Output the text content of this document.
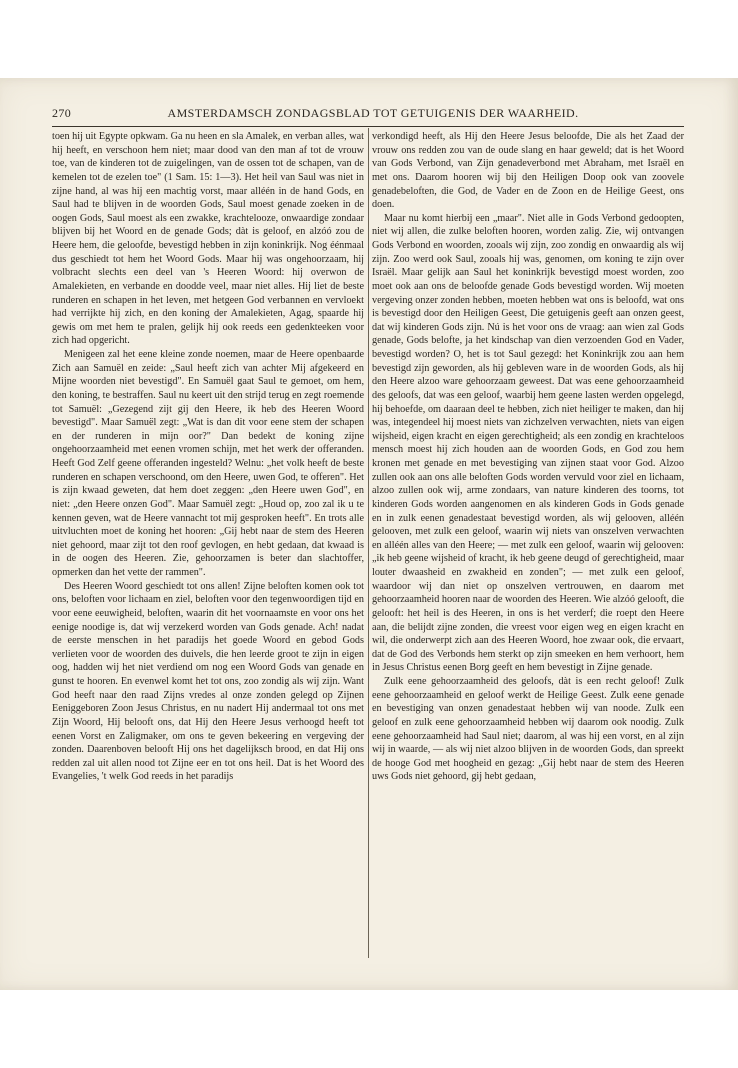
270	AMSTERDAMSCH ZONDAGSBLAD TOT GETUIGENIS DER WAARHEID.

toen hij uit Egypte opkwam. Ga nu heen en sla Amalek, en verban alles, wat hij heeft, en verschoon hem niet; maar dood van den man af tot de vrouw toe, van de kinderen tot de zuigelingen, van de ossen tot de schapen, van de kemelen tot de ezelen toe" (1 Sam. 15: 1—3). Het heil van Saul was niet in zijne hand, al was hij een machtig vorst, maar alléén in de hand Gods, en Saul had te blijven in de woorden Gods, Saul moest genade zoeken in de oogen Gods, Saul moest als een zwakke, krachtelooze, onwaardige zondaar blijven bij het Woord en de genade Gods; dàt is geloof, en alzóó zou de Heere hem, die geloofde, bevestigd hebben in zijn koninkrijk. Nog éénmaal dus geschiedt tot hem het Woord Gods. Maar hij was ongehoorzaam, hij volbracht slechts een deel van 's Heeren Woord: hij overwon de Amalekieten, en verbande en doodde veel, maar niet alles. Hij liet de beste runderen en schapen in het leven, met hetgeen God verbannen en vervloekt had verrijkte hij zich, en den koning der Amalekieten, Agag, spaarde hij gewis om met hem te pralen, gelijk hij ook reeds een gedenkteeken voor zich had opgericht.

Menigeen zal het eene kleine zonde noemen, maar de Heere openbaarde Zich aan Samuël en zeide: „Saul heeft zich van achter Mij afgekeerd en Mijne woorden niet bevestigd". En Samuël gaat Saul te gemoet, om hem, den koning, te bestraffen. Saul nu keert uit den strijd terug en zegt roemende tot Samuël: „Gezegend zijt gij den Heere, ik heb des Heeren Woord bevestigd". Maar Samuël zegt: „Wat is dan dit voor eene stem der schapen en der runderen in mijn oor?" Dan bedekt de koning zijne ongehoorzaamheid met eenen vromen schijn, met het werk der offeranden. Heeft God Zelf geene offeranden ingesteld? Welnu: „het volk heeft de beste runderen en schapen verschoond, om den Heere, uwen God, te offeren". Het is zijn kwaad geweten, dat hem doet zeggen: „den Heere uwen God", en niet: „den Heere onzen God". Maar Samuël zegt: „Houd op, zoo zal ik u te kennen geven, wat de Heere vannacht tot mij gesproken heeft". En trots alle uitvluchten moet de koning het hooren: „Gij hebt naar de stem des Heeren niet gehoord, maar zijt tot den roof gevlogen, en hebt gedaan, dat kwaad is in de oogen des Heeren. Zie, gehoorzamen is beter dan slachtoffer, opmerken dan het vette der rammen".

Des Heeren Woord geschiedt tot ons allen! Zijne beloften komen ook tot ons, beloften voor lichaam en ziel, beloften voor den tegenwoordigen tijd en voor eene eeuwigheid, beloften, waarin dit het voornaamste en voor ons het eenige noodige is, dat wij verzekerd worden van Gods genade. Ach! nadat de eerste menschen in het paradijs het goede Woord en gebod Gods verlieten voor de woorden des duivels, die hen leerde groot te zijn in eigen oog, hadden wij het niet verdiend om nog een Woord Gods van genade en gunst te hooren. En evenwel komt het tot ons, zoo zondig als wij zijn. Want God heeft naar den raad Zijns vredes al onze zonden gelegd op Zijnen Eeniggeboren Zoon Jesus Christus, en nu nadert Hij andermaal tot ons met Zijn Woord, Hij belooft ons, dat Hij den Heere Jesus verhoogd heeft tot eenen Vorst en Zaligmaker, om ons te geven bekeering en vergeving der zonden. Daarenboven belooft Hij ons het dagelijksch brood, en dat Hij ons redden zal uit allen nood tot Zijne eer en tot ons heil. Dat is het Woord des Evangelies, 't welk God reeds in het paradijs

verkondigd heeft, als Hij den Heere Jesus beloofde, Die als het Zaad der vrouw ons redden zou van de oude slang en haar geweld; dat is het Woord van Gods Verbond, van Zijn genadeverbond met Abraham, met Israël en met ons. Daarom hooren wij bij den Heiligen Doop ook van zoovele genadebeloften, die God, de Vader en de Zoon en de Heilige Geest, ons doen.

Maar nu komt hierbij een „maar". Niet alle in Gods Verbond gedoopten, niet wij allen, die zulke beloften hooren, worden zalig. Zie, wij ontvangen Gods Verbond en woorden, zooals wij zijn, zoo zondig en onwaardig als wij zijn. Zoo werd ook Saul, zooals hij was, genomen, om koning te zijn over Israël. Maar gelijk aan Saul het koninkrijk bevestigd moest worden, zoo moet ook aan ons de beloofde genade Gods bevestigd worden. Wij moeten vergeving onzer zonden hebben, moeten hebben wat ons is beloofd, wat ons is bevestigd door den Heiligen Geest, Die getuigenis geeft aan onzen geest, dat wij kinderen Gods zijn. Nú is het voor ons de vraag: aan wien zal Gods genade, Gods belofte, ja het kindschap van dien verzoenden God en Vader, bevestigd worden? O, het is tot Saul gezegd: het Koninkrijk zou aan hem bevestigd zijn geworden, als hij gebleven ware in de woorden Gods, als hij den Heere alzoo ware gehoorzaam geweest. Dat was eene gehoorzaamheid des geloofs, dat was een geloof, waarbij hem geene lasten werden opgelegd, hij behoefde, om daaraan deel te hebben, zich niet heiliger te maken, dan hij was, integendeel hij moest niets van zichzelven verwachten, niets van eigen wijsheid, eigen kracht en eigen gerechtigheid; als een zondig en krachteloos mensch moest hij zich houden aan de woorden Gods, en God zou hem kronen met genade en met bevestiging van zijnen staat voor God. Alzoo zullen ook aan ons alle beloften Gods worden vervuld voor ziel en lichaam, alzoo zullen ook wij, arme zondaars, van nature kinderen des toorns, tot kinderen Gods worden aangenomen en als kinderen Gods in Gods genade en in zulk eenen genadestaat bevestigd worden, als wij gelooven, alléén gelooven, met zulk een geloof, waarin wij niets van onszelven verwachten en alléén alles van den Heere; — met zulk een geloof, waarin wij gelooven: „ik heb geene wijsheid of kracht, ik heb geene deugd of gerechtigheid, maar louter dwaasheid en zwakheid en zonden"; — met zulk een geloof, waardoor wij dan niet op onszelven vertrouwen, en daarom met gehoorzaamheid hooren naar de woorden des Heeren. Wie alzóó gelooft, die gelooft: het heil is des Heeren, in ons is het verderf; die roept den Heere aan, die belijdt zijne zonden, die vreest voor eigen weg en eigen kracht en wil, die onderwerpt zich aan des Heeren Woord, hoe zwaar ook, die ervaart, dat de God des Verbonds hem sterkt op zijn smeeken en hem verhoort, hem in Jesus Christus eenen Borg geeft en hem bevestigt in Zijne genade.

Zulk eene gehoorzaamheid des geloofs, dàt is een recht geloof! Zulk eene gehoorzaamheid en geloof werkt de Heilige Geest. Zulk eene genade en bevestiging van onzen genadestaat hebben wij van noode. Zulk een geloof en zulk eene gehoorzaamheid hebben wij daarom ook noodig. Zulk eene gehoorzaamheid had Saul niet; daarom, al was hij een vorst, en al zijn wij in waarde, — als wij niet alzoo blijven in de woorden Gods, dan spreekt de hooge God met hoogheid en gezag: „Gij hebt naar de stem des Heeren uws Gods niet gehoord, gij hebt gedaan,
